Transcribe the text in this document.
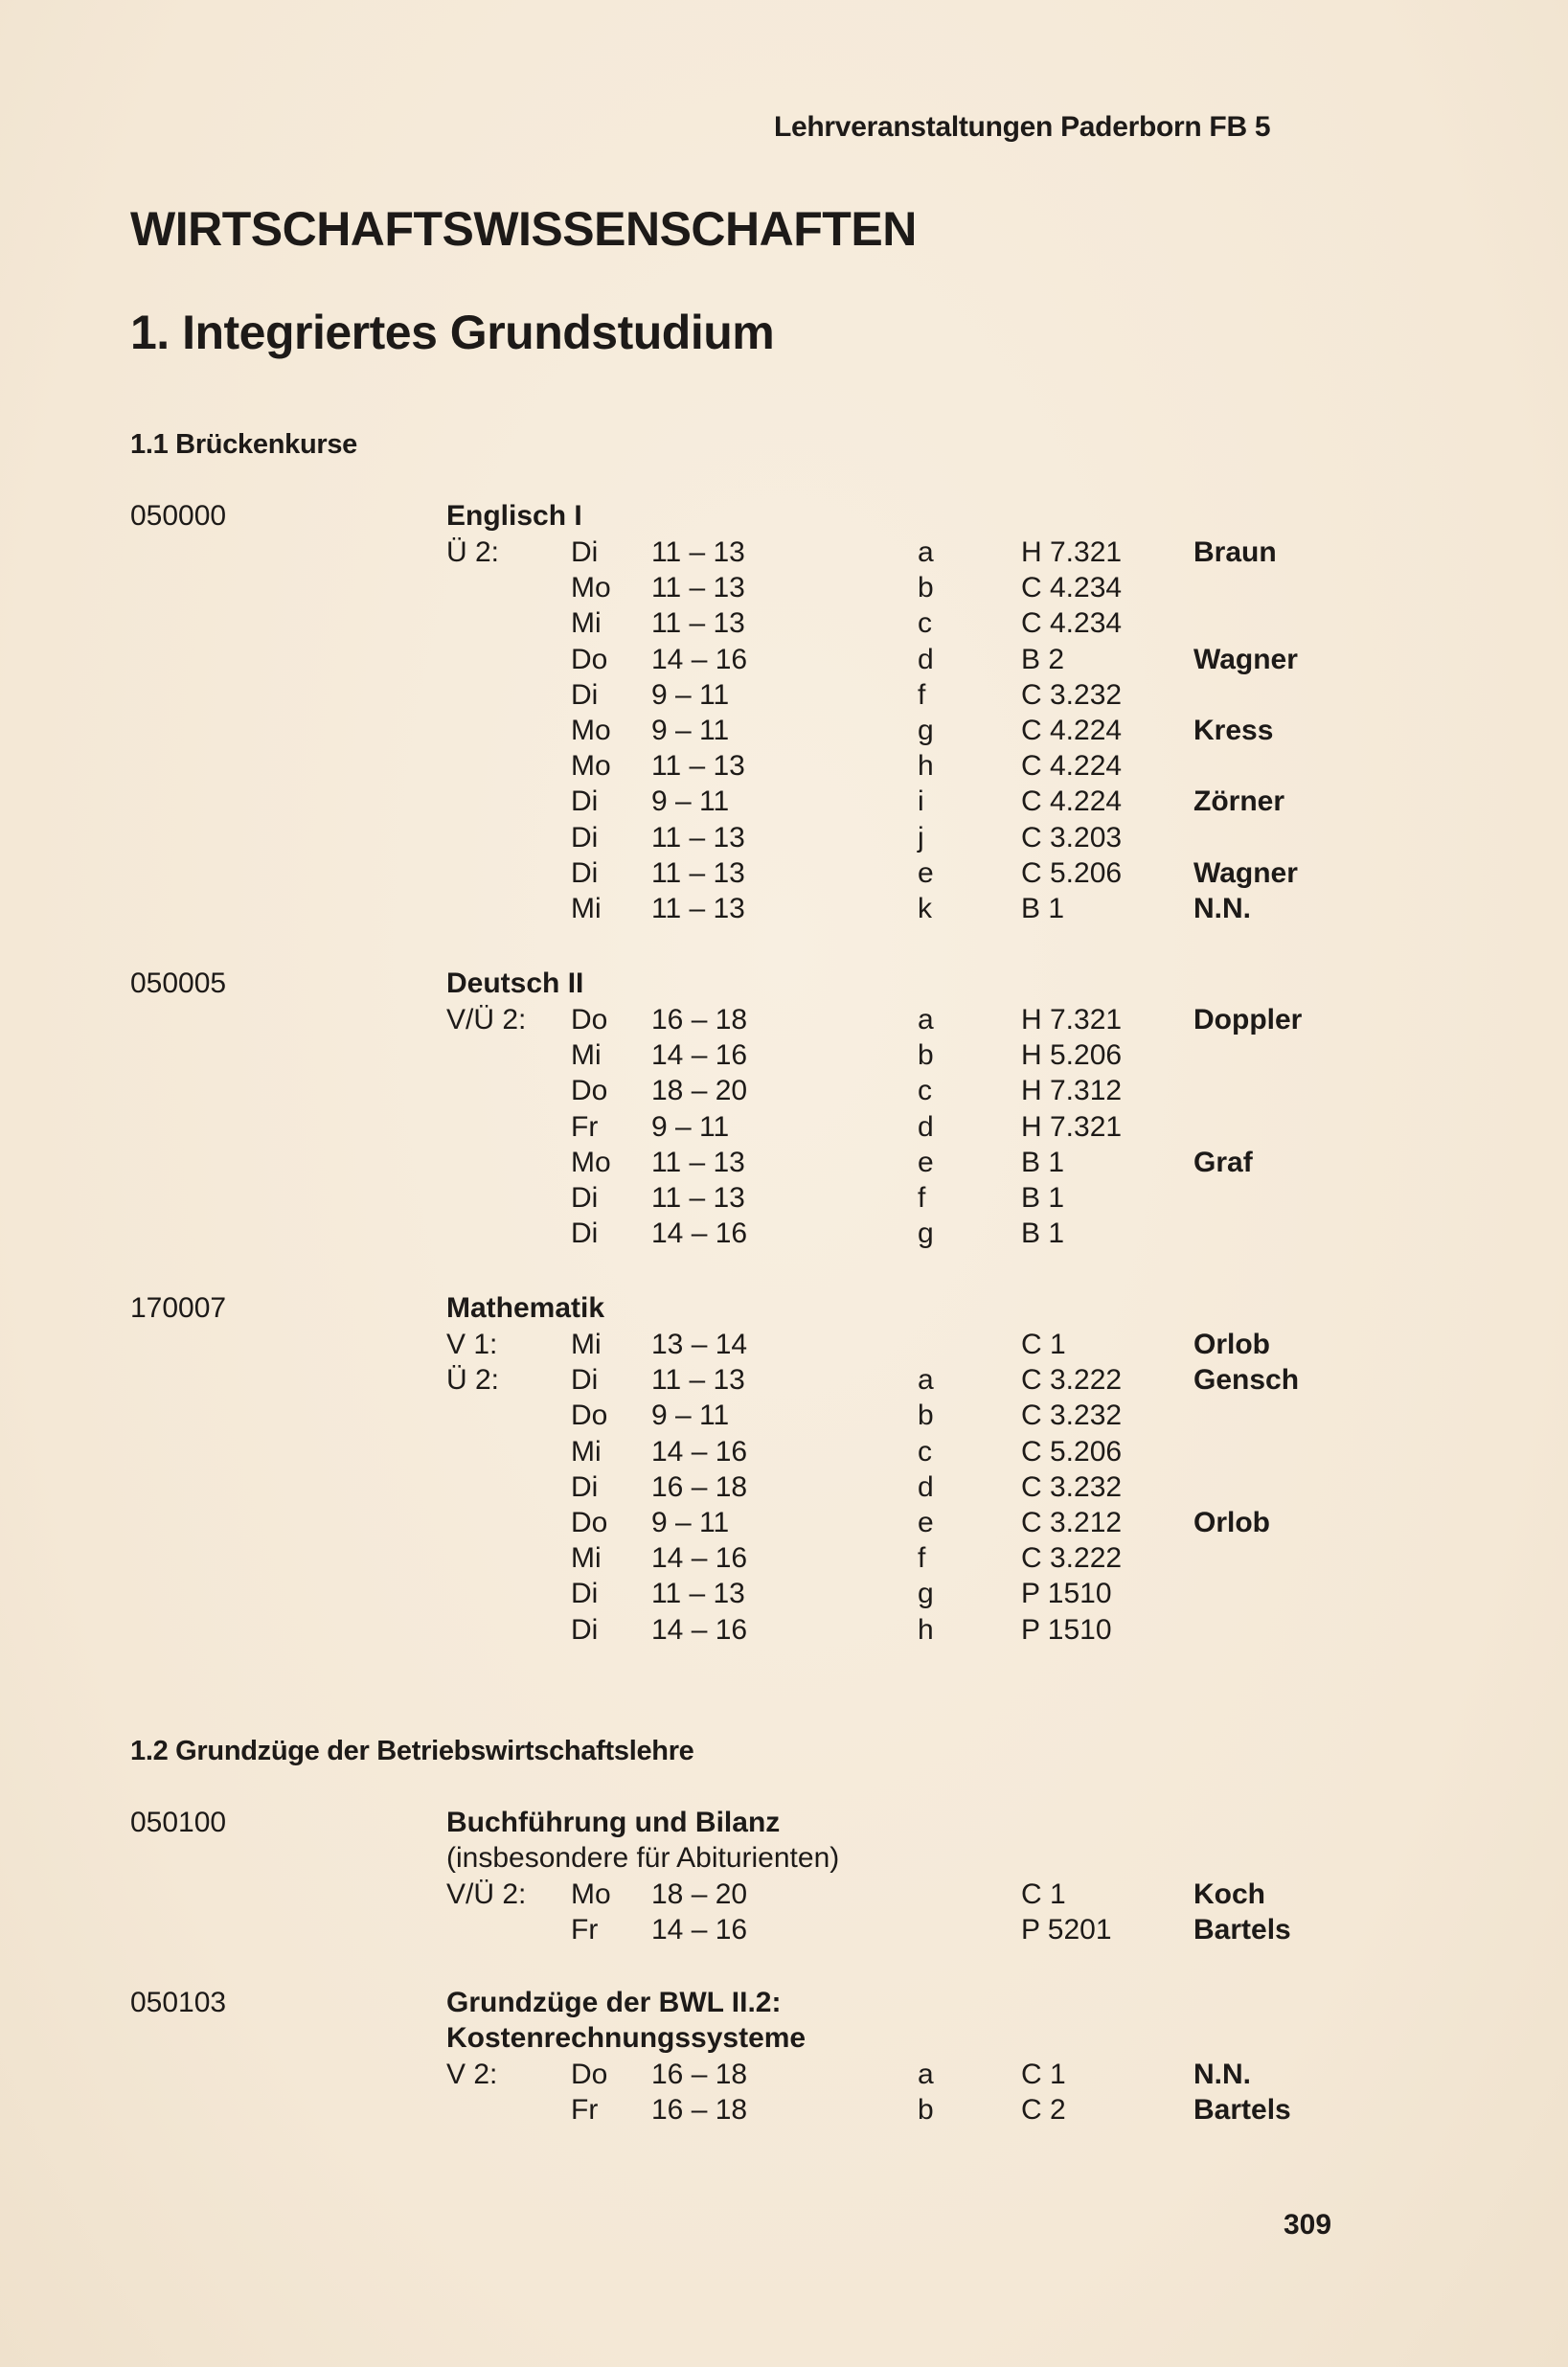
Lehrveranstaltungen Paderborn FB 5
WIRTSCHAFTSWISSENSCHAFTEN
1. Integriertes Grundstudium
1.1 Brückenkurse
050000	Englisch I
Ü 2: Di 11 – 13	a	H 7.321 Braun
Mo 11 – 13	b	C 4.234
Mi 11 – 13	c	C 4.234
Do 14 – 16	d	B 2	Wagner
Di 9 – 11	f	C 3.232
Mo 9 – 11	g	C 4.224 Kress
Mo 11 – 13	h	C 4.224
Di 9 – 11	i	C 4.224 Zörner
Di 11 – 13	j	C 3.203
Di 11 – 13	e	C 5.206 Wagner
Mi 11 – 13	k	B 1	N.N.
050005	Deutsch II
V/Ü 2: Do 16 – 18	a	H 7.321 Doppler
Mi 14 – 16	b	H 5.206
Do 18 – 20	c	H 7.312
Fr 9 – 11	d	H 7.321
Mo 11 – 13	e	B 1	Graf
Di 11 – 13	f	B 1
Di 14 – 16	g	B 1
170007	Mathematik
V 1:	Mi 13 – 14	C 1	Orlob
Ü 2: Di 11 – 13	a	C 3.222 Gensch
Do 9 – 11	b	C 3.232
Mi 14 – 16	c	C 5.206
Di 16 – 18	d	C 3.232
Do 9 – 11	e	C 3.212 Orlob
Mi 14 – 16	f	C 3.222
Di 11 – 13	g	P 1510
Di 14 – 16	h	P 1510
1.2 Grundzüge der Betriebswirtschaftslehre
050100	Buchführung und Bilanz
(insbesondere für Abiturienten)
V/Ü 2: Mo 18 – 20	C 1	Koch
Fr 14 – 16	P 5201	Bartels
050103	Grundzüge der BWL II.2:
Kostenrechnungssysteme
V 2:	Do 16 – 18	a	C 1	N.N.
Fr 16 – 18	b	C 2	Bartels
309
